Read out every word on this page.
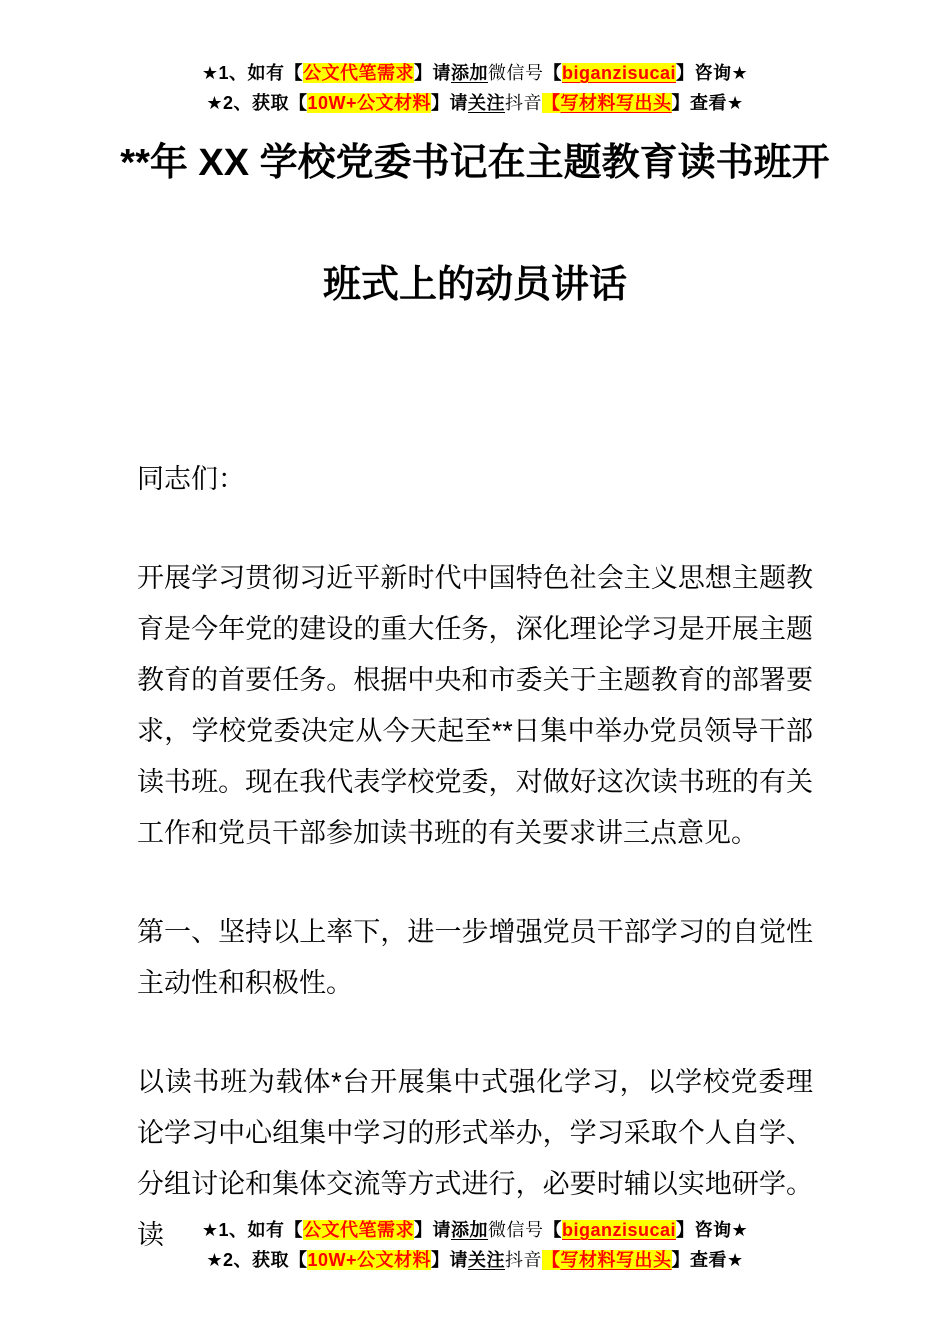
★1、如有【公文代笔需求】请添加微信号【biganzisucai】咨询★
★2、获取【10W+公文材料】请关注抖音【写材料写出头】查看★
**年 XX 学校党委书记在主题教育读书班开
班式上的动员讲话
同志们：
开展学习贯彻习近平新时代中国特色社会主义思想主题教育是今年党的建设的重大任务，深化理论学习是开展主题教育的首要任务。根据中央和市委关于主题教育的部署要求，学校党委决定从今天起至**日集中举办党员领导干部读书班。现在我代表学校党委，对做好这次读书班的有关工作和党员干部参加读书班的有关要求讲三点意见。
第一、坚持以上率下，进一步增强党员干部学习的自觉性主动性和积极性。
以读书班为载体*台开展集中式强化学习，以学校党委理论学习中心组集中学习的形式举办，学习采取个人自学、分组讨论和集体交流等方式进行，必要时辅以实地研学。读	★1、如有【公文代笔需求】请添加微信号【biganzisucai】咨询★
★2、获取【10W+公文材料】请关注抖音【写材料写出头】查看★
